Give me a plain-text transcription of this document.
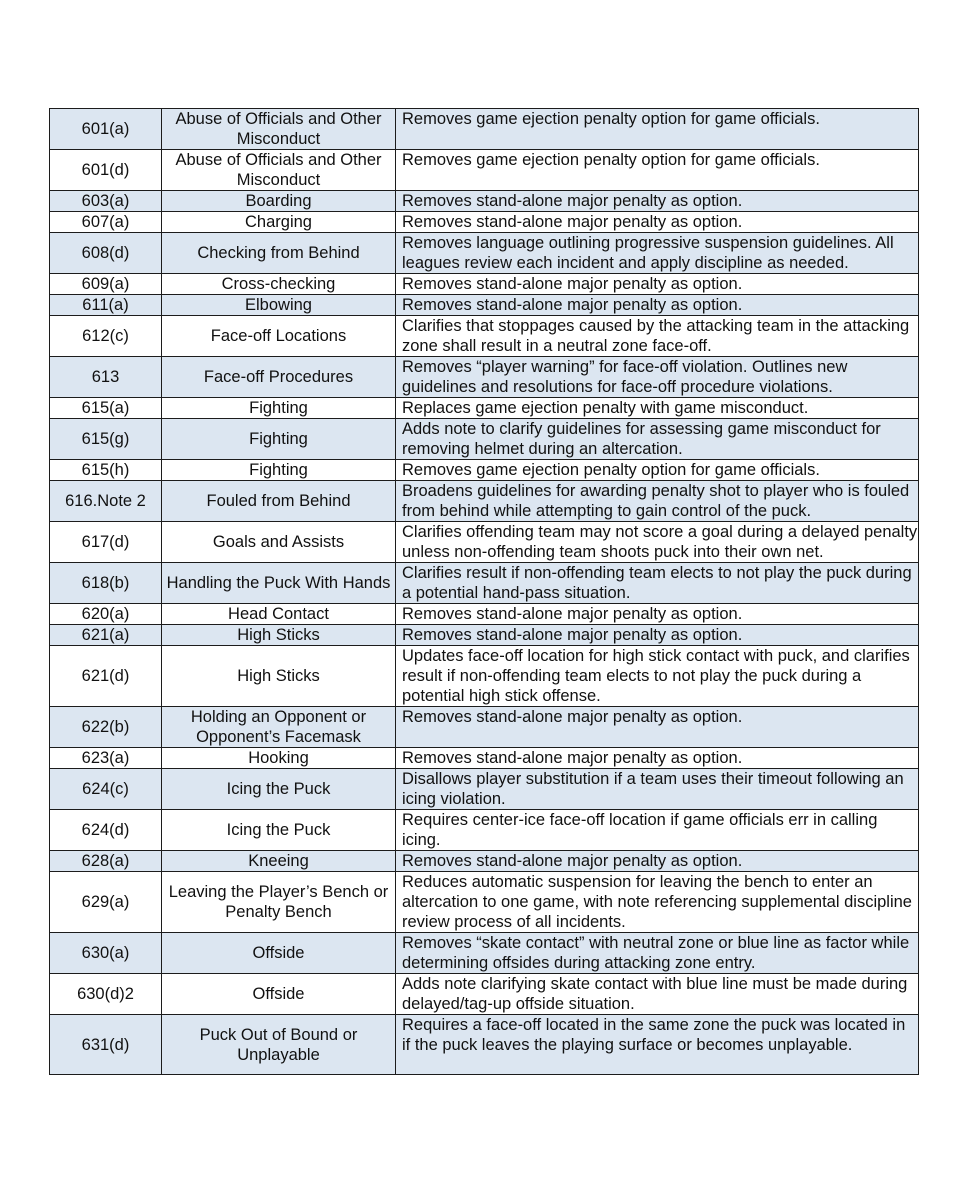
601(a)	Abuse of Officials and Other Misconduct	Removes game ejection penalty option for game officials.
601(d)	Abuse of Officials and Other Misconduct	Removes game ejection penalty option for game officials.
603(a)	Boarding	Removes stand-alone major penalty as option.
607(a)	Charging	Removes stand-alone major penalty as option.
608(d)	Checking from Behind	Removes language outlining progressive suspension guidelines. All leagues review each incident and apply discipline as needed.
609(a)	Cross-checking	Removes stand-alone major penalty as option.
611(a)	Elbowing	Removes stand-alone major penalty as option.
612(c)	Face-off Locations	Clarifies that stoppages caused by the attacking team in the attacking zone shall result in a neutral zone face-off.
613	Face-off Procedures	Removes “player warning” for face-off violation. Outlines new guidelines and resolutions for face-off procedure violations.
615(a)	Fighting	Replaces game ejection penalty with game misconduct.
615(g)	Fighting	Adds note to clarify guidelines for assessing game misconduct for removing helmet during an altercation.
615(h)	Fighting	Removes game ejection penalty option for game officials.
616.Note 2	Fouled from Behind	Broadens guidelines for awarding penalty shot to player who is fouled from behind while attempting to gain control of the puck.
617(d)	Goals and Assists	Clarifies offending team may not score a goal during a delayed penalty unless non-offending team shoots puck into their own net.
618(b)	Handling the Puck With Hands	Clarifies result if non-offending team elects to not play the puck during a potential hand-pass situation.
620(a)	Head Contact	Removes stand-alone major penalty as option.
621(a)	High Sticks	Removes stand-alone major penalty as option.
621(d)	High Sticks	Updates face-off location for high stick contact with puck, and clarifies result if non-offending team elects to not play the puck during a potential high stick offense.
622(b)	Holding an Opponent or Opponent’s Facemask	Removes stand-alone major penalty as option.
623(a)	Hooking	Removes stand-alone major penalty as option.
624(c)	Icing the Puck	Disallows player substitution if a team uses their timeout following an icing violation.
624(d)	Icing the Puck	Requires center-ice face-off location if game officials err in calling icing.
628(a)	Kneeing	Removes stand-alone major penalty as option.
629(a)	Leaving the Player’s Bench or Penalty Bench	Reduces automatic suspension for leaving the bench to enter an altercation to one game, with note referencing supplemental discipline review process of all incidents.
630(a)	Offside	Removes “skate contact” with neutral zone or blue line as factor while determining offsides during attacking zone entry.
630(d)2	Offside	Adds note clarifying skate contact with blue line must be made during delayed/tag-up offside situation.
631(d)	Puck Out of Bound or Unplayable	Requires a face-off located in the same zone the puck was located in if the puck leaves the playing surface or becomes unplayable.
